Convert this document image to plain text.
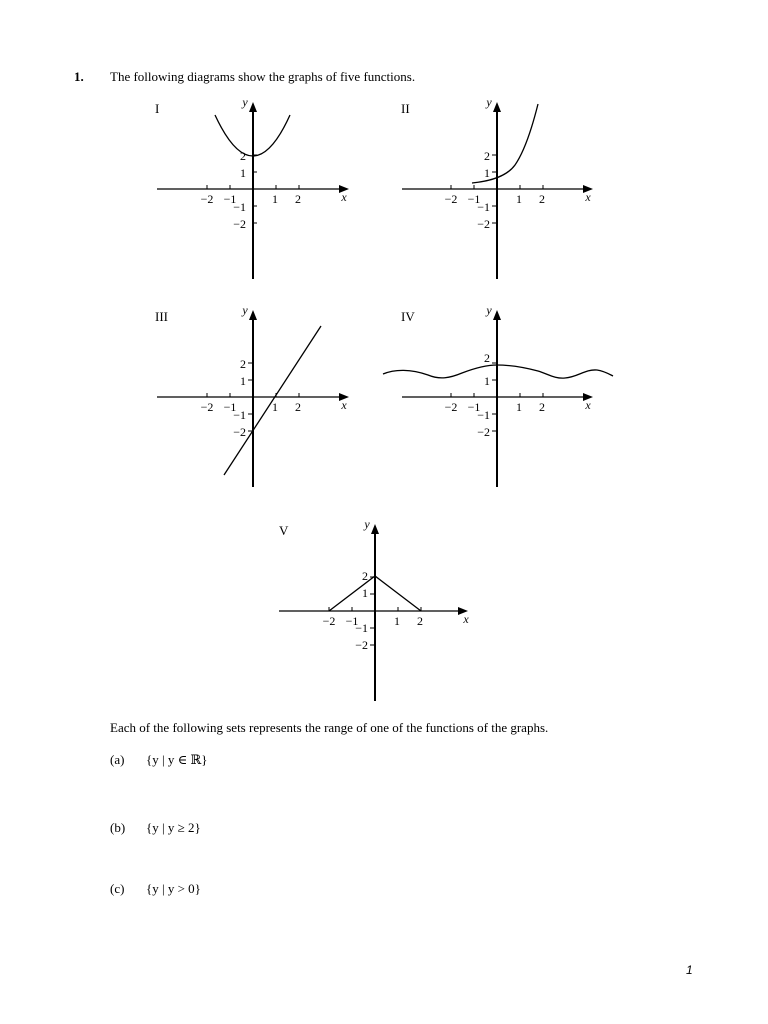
1. The following diagrams show the graphs of five functions.
I
−2 −1	1 2
2
1
−1
−2
x
y	II
−2 −1	1 2
2
1
−1
−2
x
y
III
−2 −1	1 2
2
1
−1
−2
x
y	IV
−2 −1	1 2
2
1
−1
−2
x
y
V
−2 −1	1 2
2
1
−1
−2
x
y
Each of the following sets represents the range of one of the functions of the graphs.
(a) {y | y ∈ ℝ}
(b) {y | y ≥ 2}
(c) {y | y > 0}
1
